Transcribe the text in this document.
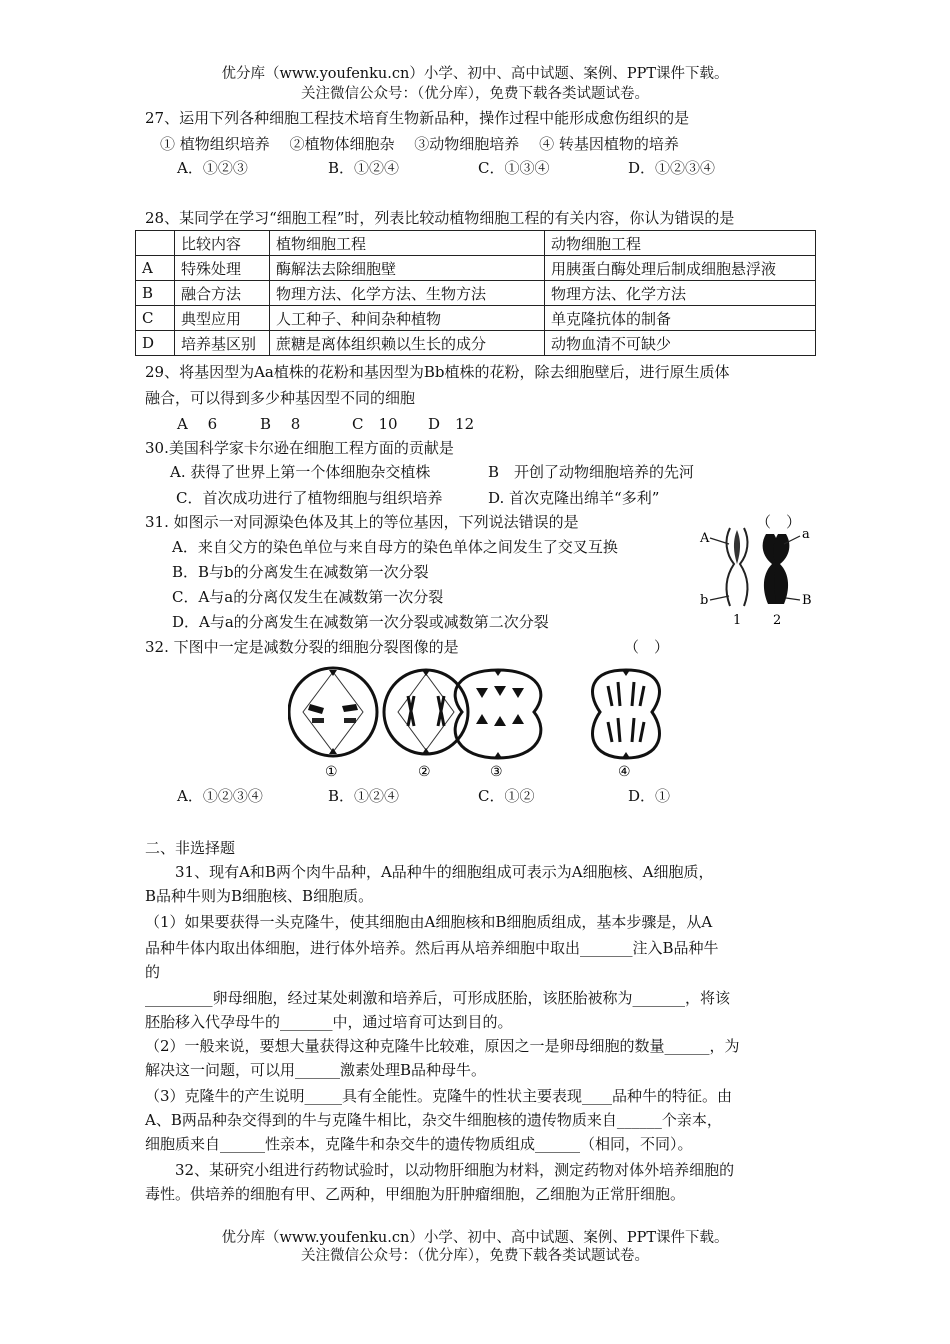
优分库（www.youfenku.cn）小学、初中、高中试题、案例、PPT课件下载。
关注微信公众号：（优分库），免费下载各类试题试卷。
27、运用下列各种细胞工程技术培育生物新品种，操作过程中能形成愈伤组织的是
① 植物组织培养　 ②植物体细胞杂　 ③动物细胞培养　 ④ 转基因植物的培养
A．①②③	B．①②④	C．①③④	D．①②③④
28、某同学在学习“细胞工程”时，列表比较动植物细胞工程的有关内容，你认为错误的是
	比较内容	植物细胞工程	动物细胞工程
A	特殊处理	酶解法去除细胞壁	用胰蛋白酶处理后制成细胞悬浮液
B	融合方法	物理方法、化学方法、生物方法	物理方法、化学方法
C	典型应用	人工种子、种间杂种植物	单克隆抗体的制备
D	培养基区别	蔗糖是离体组织赖以生长的成分	动物血清不可缺少
29、将基因型为Aa植株的花粉和基因型为Bb植株的花粉，除去细胞壁后，进行原生质体
融合，可以得到多少种基因型不同的细胞
A　 6	B　 8	C　10 D　12
30.美国科学家卡尔逊在细胞工程方面的贡献是
A. 获得了世界上第一个体细胞杂交植株	B　开创了动物细胞培养的先河
C．首次成功进行了植物细胞与组织培养	D. 首次克隆出绵羊“多利”
31. 如图示一对同源染色体及其上的等位基因，下列说法错误的是	（　）
A．来自父方的染色单位与来自母方的染色单体之间发生了交叉互换
B．B与b的分离发生在减数第一次分裂
C．A与a的分离仅发生在减数第一次分裂
D．A与a的分离发生在减数第一次分裂或减数第二次分裂
A	a
b	B
1 2
32. 下图中一定是减数分裂的细胞分裂图像的是	（　）
①	②	③	④
A．①②③④	B．①②④	C．①②	D．①
二、非选择题
31、现有A和B两个肉牛品种，A品种牛的细胞组成可表示为A细胞核、A细胞质，
B品种牛则为B细胞核、B细胞质。
（1）如果要获得一头克隆牛，使其细胞由A细胞核和B细胞质组成，基本步骤是，从A
品种牛体内取出体细胞，进行体外培养。然后再从培养细胞中取出_______注入B品种牛
的
_________卵母细胞，经过某处刺激和培养后，可形成胚胎，该胚胎被称为_______，将该
胚胎移入代孕母牛的_______中，通过培育可达到目的。
（2）一般来说，要想大量获得这种克隆牛比较难，原因之一是卵母细胞的数量______，为
解决这一问题，可以用______激素处理B品种母牛。
（3）克隆牛的产生说明_____具有全能性。克隆牛的性状主要表现____品种牛的特征。由
A、B两品种杂交得到的牛与克隆牛相比，杂交牛细胞核的遗传物质来自______个亲本，
细胞质来自______性亲本，克隆牛和杂交牛的遗传物质组成______（相同，不同）。
32、某研究小组进行药物试验时，以动物肝细胞为材料，测定药物对体外培养细胞的
毒性。供培养的细胞有甲、乙两种，甲细胞为肝肿瘤细胞，乙细胞为正常肝细胞。
优分库（www.youfenku.cn）小学、初中、高中试题、案例、PPT课件下载。
关注微信公众号：（优分库），免费下载各类试题试卷。
